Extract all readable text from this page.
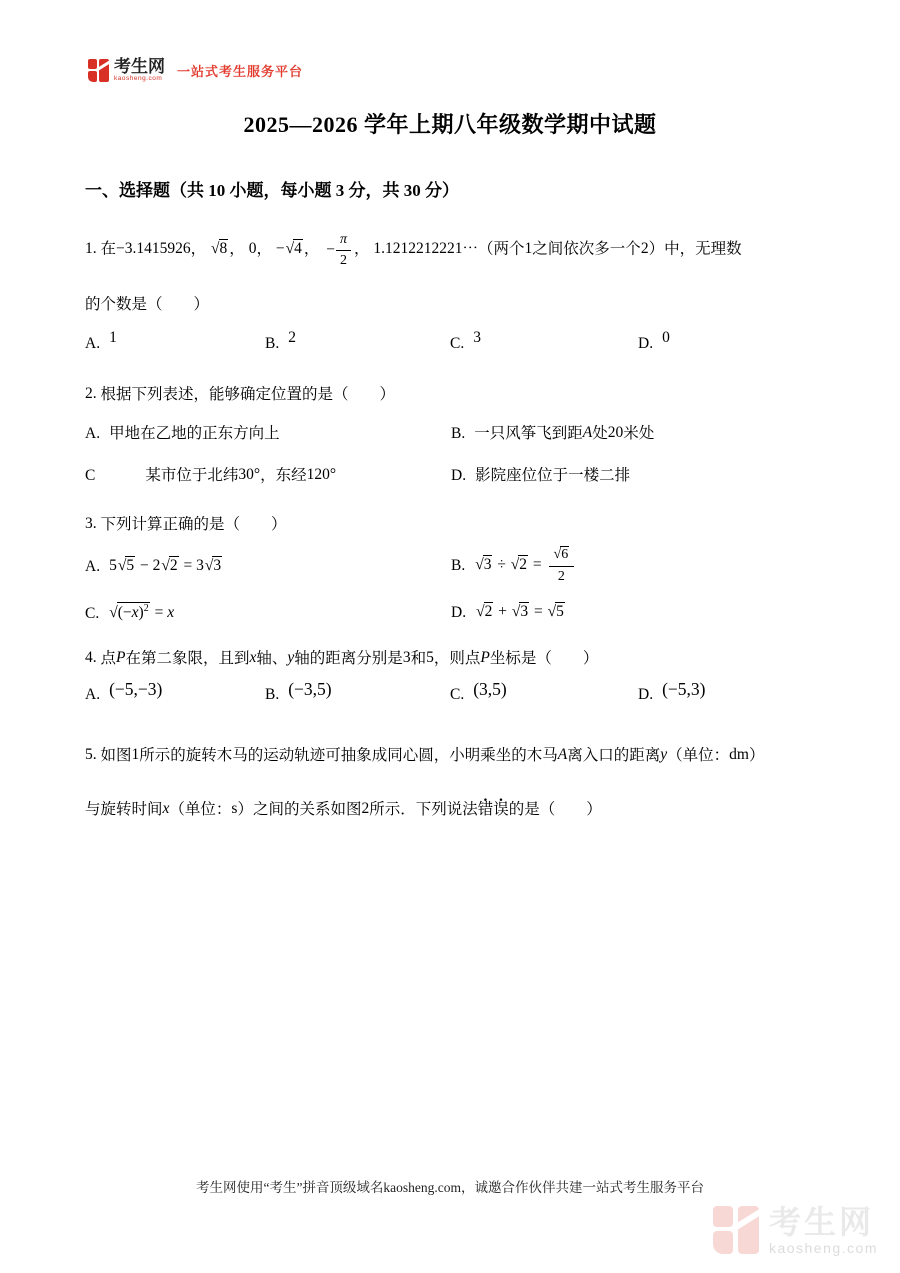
考生网
kaosheng.com 一站式考生服务平台
2025—2026 学年上期八年级数学期中试题
一、选择题（共 10 小题，每小题 3 分，共 30 分）

1. 在−3.1415926， √8 ， 0， −√4 ， − $\frac{\pi}{2}$ ， 1.1212212221⋯（两个1之间依次多一个2）中，无理数

的个数是（　　）

A. 1	B. 2	C. 3	D. 0

2. 根据下列表述，能够确定位置的是（　　）

A. 甲地在乙地的正东方向上	B. 一只风筝飞到距A处20米处
C	某市位于北纬30°，东经120°	D. 影院座位位于一楼二排

3. 下列计算正确的是（　　）

A. 5√5 − 2√2 = 3√3	B. $√3 \div √2 = \frac{√6}{2}$
C. $√(-x)^2 = x$	D. √2 + √3 = √5

4. 点P在第二象限，且到x轴、y轴的距离分别是3和5，则点P坐标是（　　）

A. (−5,−3)	B. (−3,5)	C. (3,5)	D. (−5,3)

5. 如图1所示的旋转木马的运动轨迹可抽象成同心圆，小明乘坐的木马A离入口的距离y（单位：dm）

与旋转时间x（单位：s）之间的关系如图2所示．下列说法错误的是（　　）

考生网使用“考生”拼音顶级域名kaosheng.com，诚邀合作伙伴共建一站式考生服务平台

考生网
kaosheng.com
